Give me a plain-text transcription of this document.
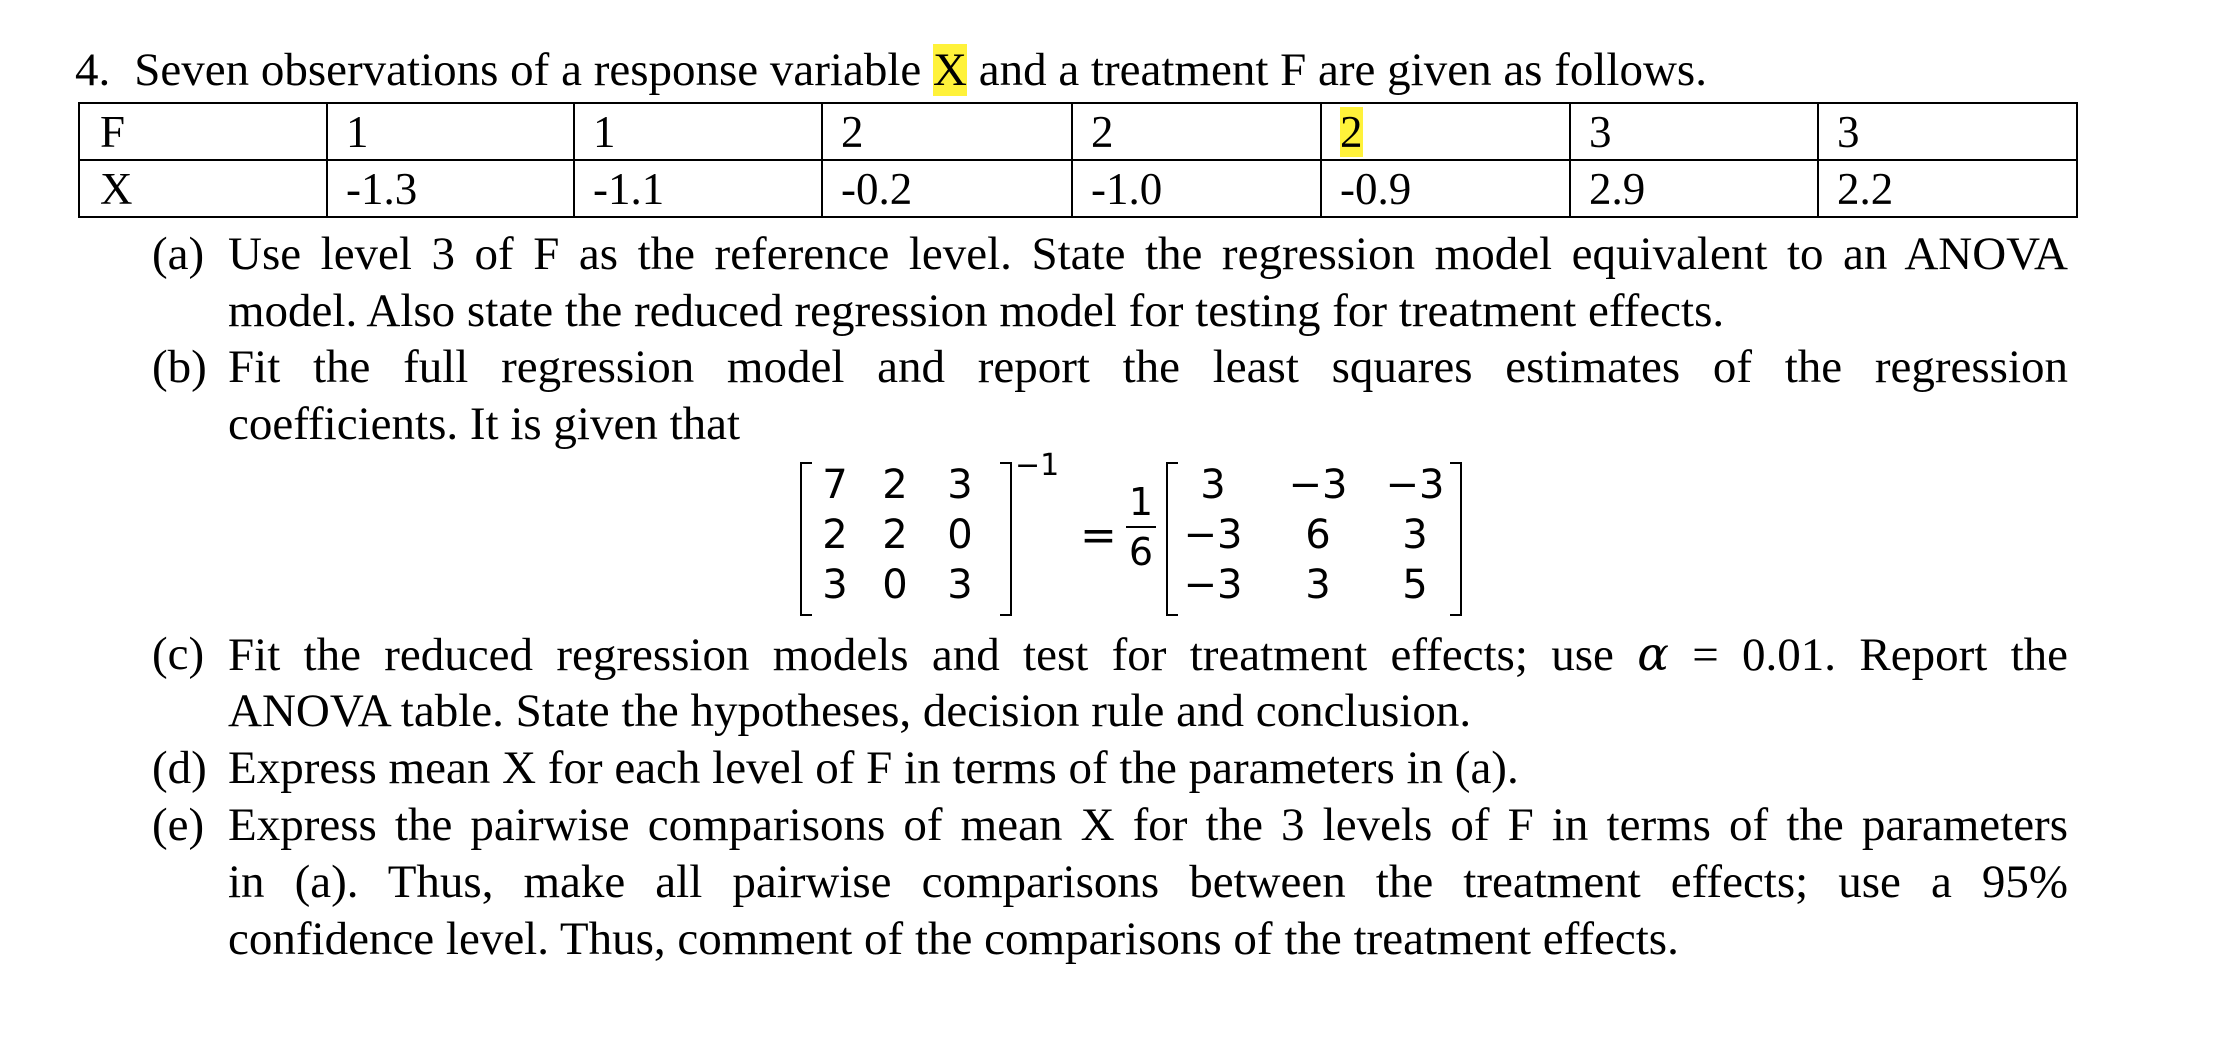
4. Seven observations of a response variable X and a treatment F are given as follows.
F	1	1	2	2	2	3	3
X	-1.3	-1.1	-0.2	-1.0	-0.9	2.9	2.2
(a) Use level 3 of F as the reference level. State the regression model equivalent to an ANOVA
model. Also state the reduced regression model for testing for treatment effects.
(b) Fit the full regression model and report the least squares estimates of the regression
coefficients. It is given that
7 2 3
2 2 0
3 0 3
−1
=
1
6
3	−3 −3
−3	6	3
−3	3	5
(c) Fit the reduced regression models and test for treatment effects; use α = 0.01. Report the
ANOVA table. State the hypotheses, decision rule and conclusion.
(d) Express mean X for each level of F in terms of the parameters in (a).
(e) Express the pairwise comparisons of mean X for the 3 levels of F in terms of the parameters
in (a). Thus, make all pairwise comparisons between the treatment effects; use a 95%
confidence level. Thus, comment of the comparisons of the treatment effects.
